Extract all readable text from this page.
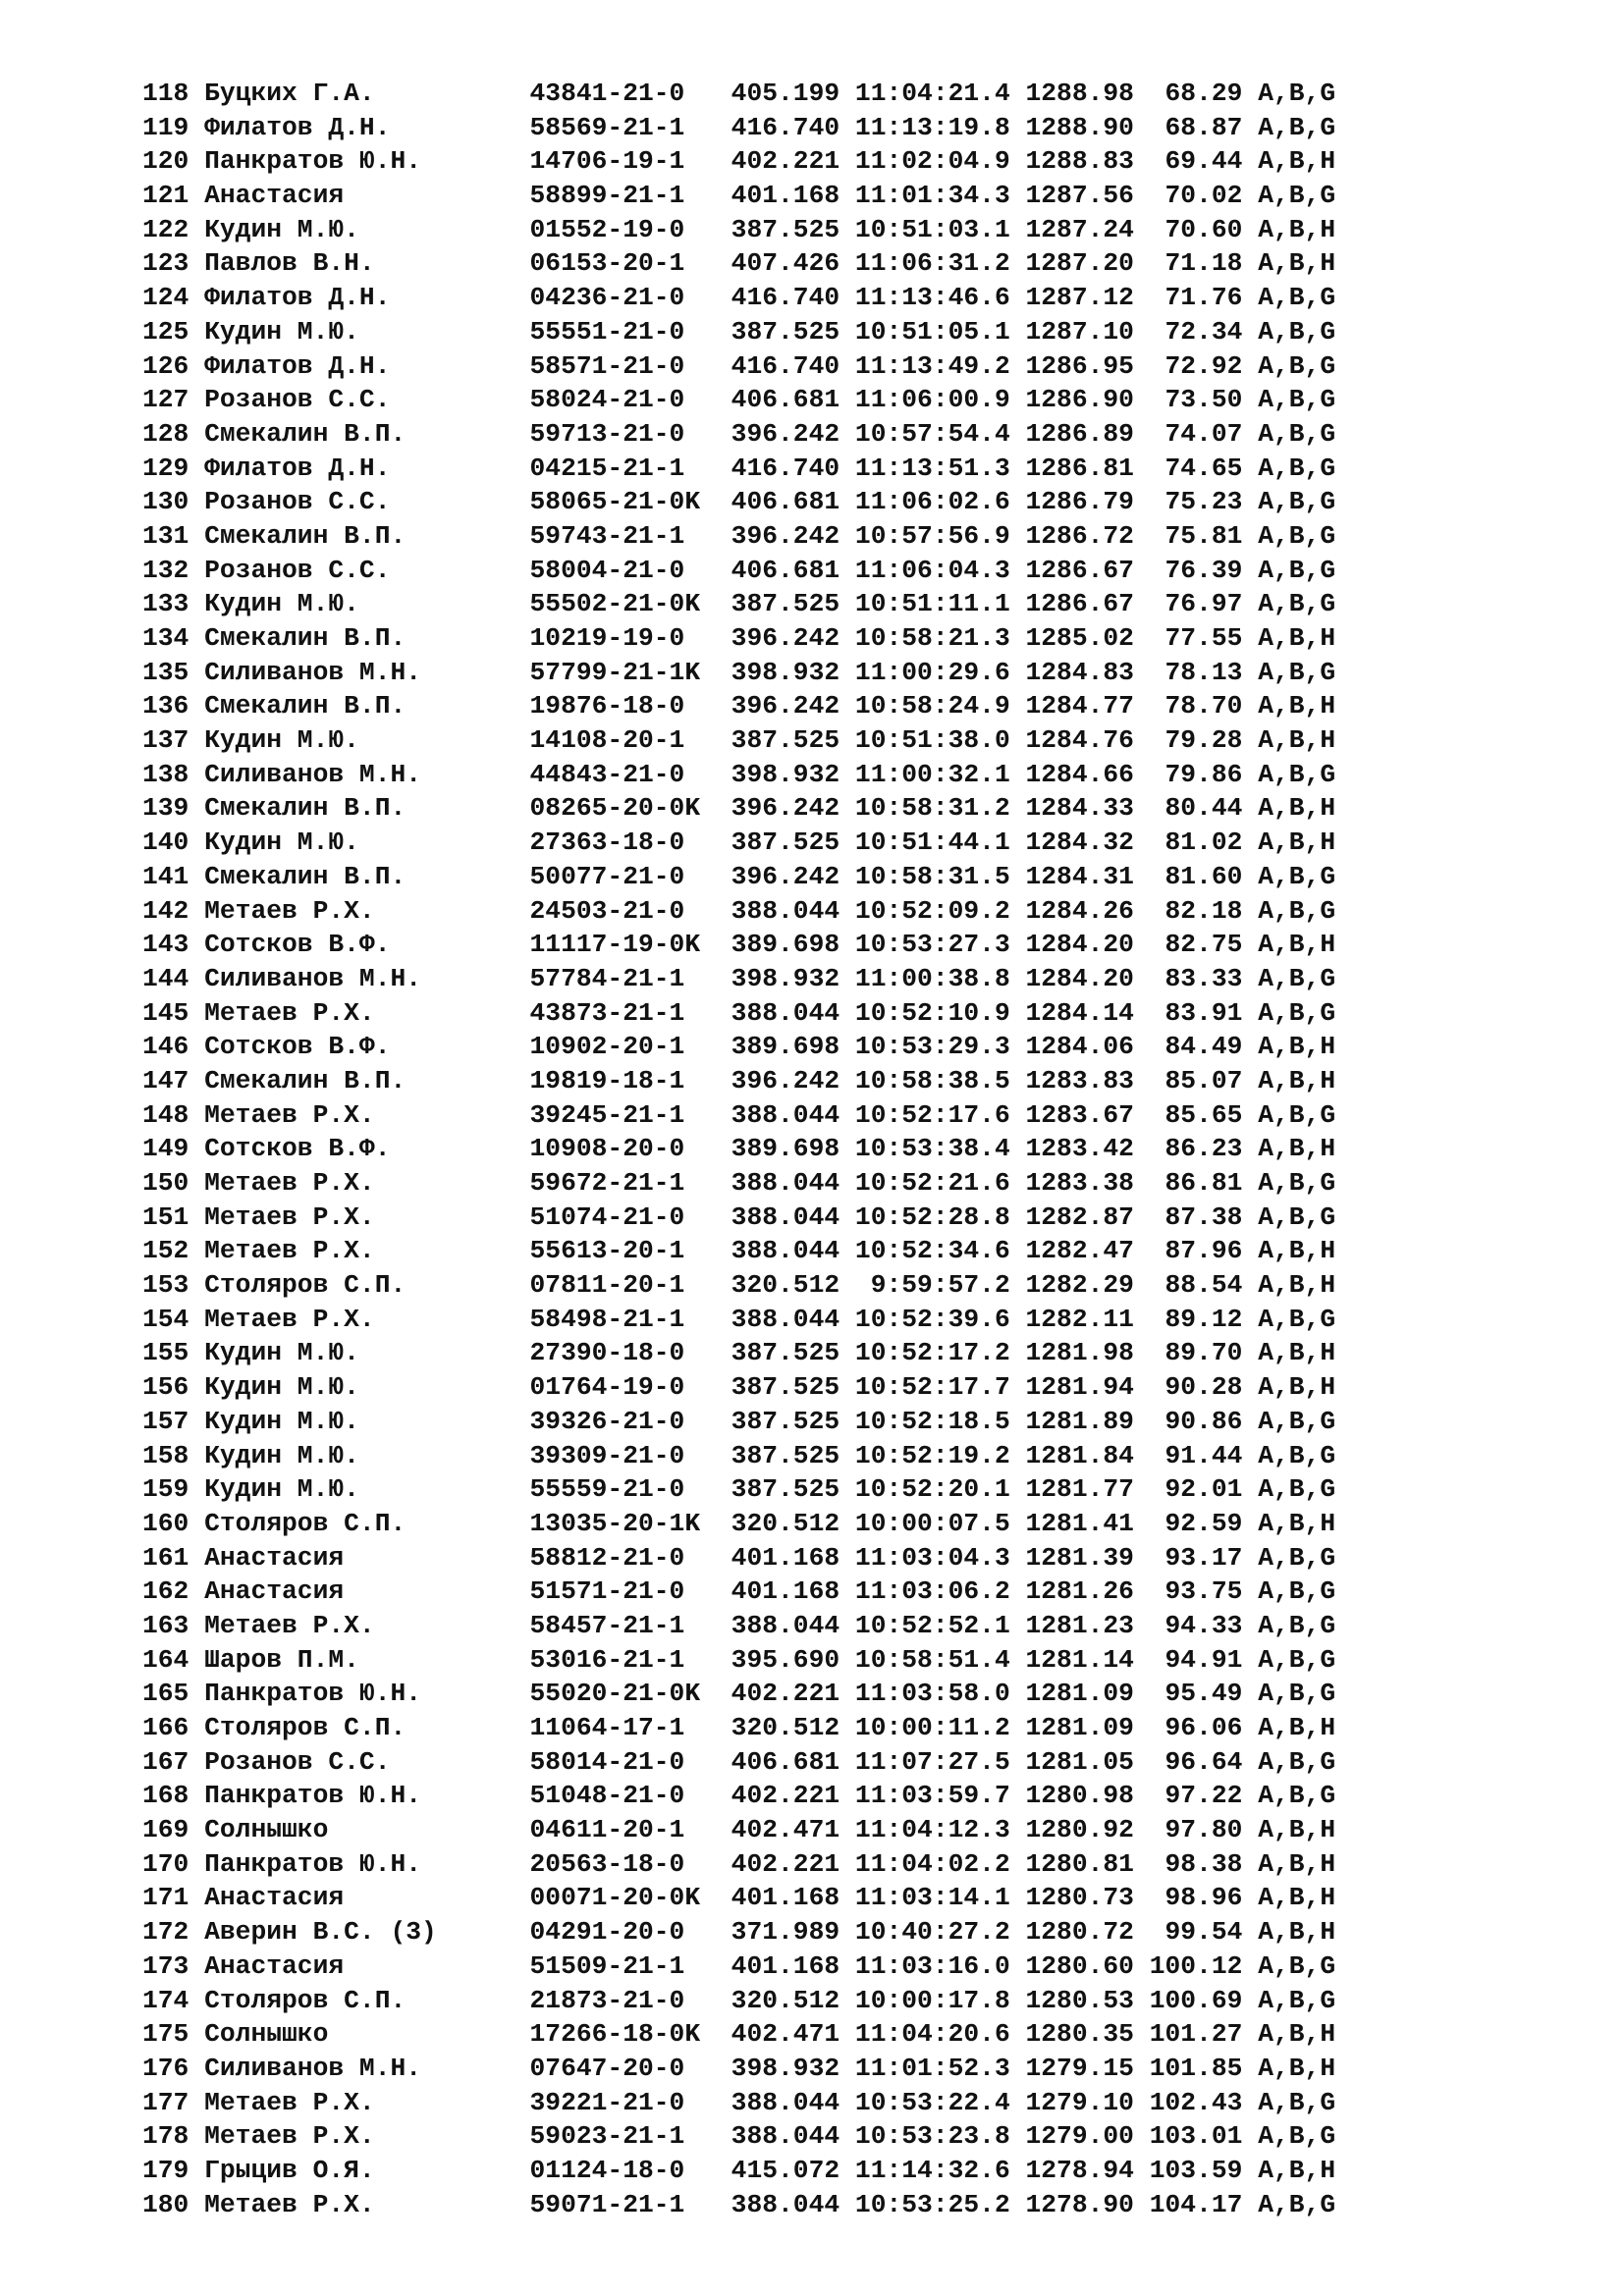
118 Буцких Г.А.          43841-21-0   405.199 11:04:21.4 1288.98  68.29 A,B,G
119 Филатов Д.Н.         58569-21-1   416.740 11:13:19.8 1288.90  68.87 A,B,G
120 Панкратов Ю.Н.       14706-19-1   402.221 11:02:04.9 1288.83  69.44 A,B,H
121 Анастасия            58899-21-1   401.168 11:01:34.3 1287.56  70.02 A,B,G
122 Кудин М.Ю.           01552-19-0   387.525 10:51:03.1 1287.24  70.60 A,B,H
123 Павлов В.Н.          06153-20-1   407.426 11:06:31.2 1287.20  71.18 A,B,H
124 Филатов Д.Н.         04236-21-0   416.740 11:13:46.6 1287.12  71.76 A,B,G
125 Кудин М.Ю.           55551-21-0   387.525 10:51:05.1 1287.10  72.34 A,B,G
126 Филатов Д.Н.         58571-21-0   416.740 11:13:49.2 1286.95  72.92 A,B,G
127 Розанов С.С.         58024-21-0   406.681 11:06:00.9 1286.90  73.50 A,B,G
128 Смекалин В.П.        59713-21-0   396.242 10:57:54.4 1286.89  74.07 A,B,G
129 Филатов Д.Н.         04215-21-1   416.740 11:13:51.3 1286.81  74.65 A,B,G
130 Розанов С.С.         58065-21-0K  406.681 11:06:02.6 1286.79  75.23 A,B,G
131 Смекалин В.П.        59743-21-1   396.242 10:57:56.9 1286.72  75.81 A,B,G
132 Розанов С.С.         58004-21-0   406.681 11:06:04.3 1286.67  76.39 A,B,G
133 Кудин М.Ю.           55502-21-0K  387.525 10:51:11.1 1286.67  76.97 A,B,G
134 Смекалин В.П.        10219-19-0   396.242 10:58:21.3 1285.02  77.55 A,B,H
135 Силиванов М.Н.       57799-21-1K  398.932 11:00:29.6 1284.83  78.13 A,B,G
136 Смекалин В.П.        19876-18-0   396.242 10:58:24.9 1284.77  78.70 A,B,H
137 Кудин М.Ю.           14108-20-1   387.525 10:51:38.0 1284.76  79.28 A,B,H
138 Силиванов М.Н.       44843-21-0   398.932 11:00:32.1 1284.66  79.86 A,B,G
139 Смекалин В.П.        08265-20-0K  396.242 10:58:31.2 1284.33  80.44 A,B,H
140 Кудин М.Ю.           27363-18-0   387.525 10:51:44.1 1284.32  81.02 A,B,H
141 Смекалин В.П.        50077-21-0   396.242 10:58:31.5 1284.31  81.60 A,B,G
142 Метаев Р.Х.          24503-21-0   388.044 10:52:09.2 1284.26  82.18 A,B,G
143 Сотсков В.Ф.         11117-19-0K  389.698 10:53:27.3 1284.20  82.75 A,B,H
144 Силиванов М.Н.       57784-21-1   398.932 11:00:38.8 1284.20  83.33 A,B,G
145 Метаев Р.Х.          43873-21-1   388.044 10:52:10.9 1284.14  83.91 A,B,G
146 Сотсков В.Ф.         10902-20-1   389.698 10:53:29.3 1284.06  84.49 A,B,H
147 Смекалин В.П.        19819-18-1   396.242 10:58:38.5 1283.83  85.07 A,B,H
148 Метаев Р.Х.          39245-21-1   388.044 10:52:17.6 1283.67  85.65 A,B,G
149 Сотсков В.Ф.         10908-20-0   389.698 10:53:38.4 1283.42  86.23 A,B,H
150 Метаев Р.Х.          59672-21-1   388.044 10:52:21.6 1283.38  86.81 A,B,G
151 Метаев Р.Х.          51074-21-0   388.044 10:52:28.8 1282.87  87.38 A,B,G
152 Метаев Р.Х.          55613-20-1   388.044 10:52:34.6 1282.47  87.96 A,B,H
153 Столяров С.П.        07811-20-1   320.512  9:59:57.2 1282.29  88.54 A,B,H
154 Метаев Р.Х.          58498-21-1   388.044 10:52:39.6 1282.11  89.12 A,B,G
155 Кудин М.Ю.           27390-18-0   387.525 10:52:17.2 1281.98  89.70 A,B,H
156 Кудин М.Ю.           01764-19-0   387.525 10:52:17.7 1281.94  90.28 A,B,H
157 Кудин М.Ю.           39326-21-0   387.525 10:52:18.5 1281.89  90.86 A,B,G
158 Кудин М.Ю.           39309-21-0   387.525 10:52:19.2 1281.84  91.44 A,B,G
159 Кудин М.Ю.           55559-21-0   387.525 10:52:20.1 1281.77  92.01 A,B,G
160 Столяров С.П.        13035-20-1K  320.512 10:00:07.5 1281.41  92.59 A,B,H
161 Анастасия            58812-21-0   401.168 11:03:04.3 1281.39  93.17 A,B,G
162 Анастасия            51571-21-0   401.168 11:03:06.2 1281.26  93.75 A,B,G
163 Метаев Р.Х.          58457-21-1   388.044 10:52:52.1 1281.23  94.33 A,B,G
164 Шаров П.М.           53016-21-1   395.690 10:58:51.4 1281.14  94.91 A,B,G
165 Панкратов Ю.Н.       55020-21-0K  402.221 11:03:58.0 1281.09  95.49 A,B,G
166 Столяров С.П.        11064-17-1   320.512 10:00:11.2 1281.09  96.06 A,B,H
167 Розанов С.С.         58014-21-0   406.681 11:07:27.5 1281.05  96.64 A,B,G
168 Панкратов Ю.Н.       51048-21-0   402.221 11:03:59.7 1280.98  97.22 A,B,G
169 Солнышко             04611-20-1   402.471 11:04:12.3 1280.92  97.80 A,B,H
170 Панкратов Ю.Н.       20563-18-0   402.221 11:04:02.2 1280.81  98.38 A,B,H
171 Анастасия            00071-20-0K  401.168 11:03:14.1 1280.73  98.96 A,B,H
172 Аверин В.С. (3)      04291-20-0   371.989 10:40:27.2 1280.72  99.54 A,B,H
173 Анастасия            51509-21-1   401.168 11:03:16.0 1280.60 100.12 A,B,G
174 Столяров С.П.        21873-21-0   320.512 10:00:17.8 1280.53 100.69 A,B,G
175 Солнышко             17266-18-0K  402.471 11:04:20.6 1280.35 101.27 A,B,H
176 Силиванов М.Н.       07647-20-0   398.932 11:01:52.3 1279.15 101.85 A,B,H
177 Метаев Р.Х.          39221-21-0   388.044 10:53:22.4 1279.10 102.43 A,B,G
178 Метаев Р.Х.          59023-21-1   388.044 10:53:23.8 1279.00 103.01 A,B,G
179 Грыцив О.Я.          01124-18-0   415.072 11:14:32.6 1278.94 103.59 A,B,H
180 Метаев Р.Х.          59071-21-1   388.044 10:53:25.2 1278.90 104.17 A,B,G
